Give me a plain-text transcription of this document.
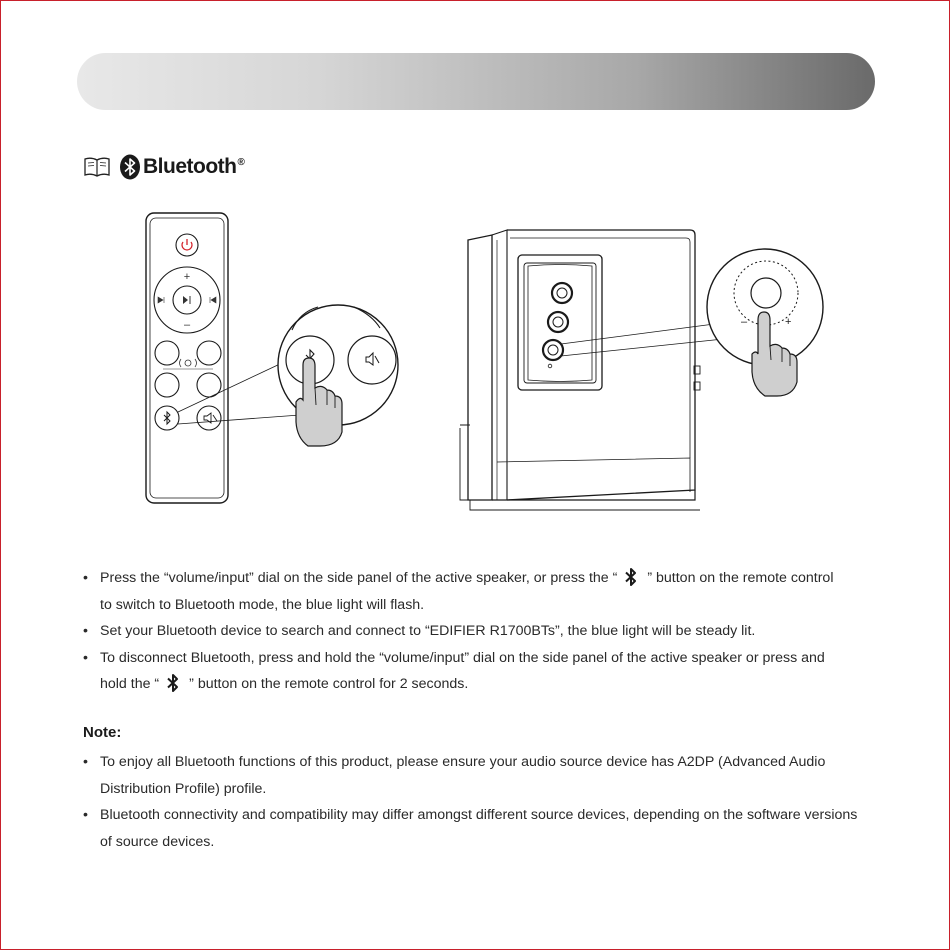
Bluetooth®
+
–	–	+
• Press the “volume/input” dial on the side panel of the active speaker, or press the “ ” button on the remote control
to switch to Bluetooth mode, the blue light will flash.
• Set your Bluetooth device to search and connect to “EDIFIER R1700BTs”, the blue light will be steady lit.
• To disconnect Bluetooth, press and hold the “volume/input” dial on the side panel of the active speaker or press and
hold the “ ” button on the remote control for 2 seconds.
Note:
• To enjoy all Bluetooth functions of this product, please ensure your audio source device has A2DP (Advanced Audio
Distribution Profile) profile.
• Bluetooth connectivity and compatibility may differ amongst different source devices, depending on the software versions
of source devices.
